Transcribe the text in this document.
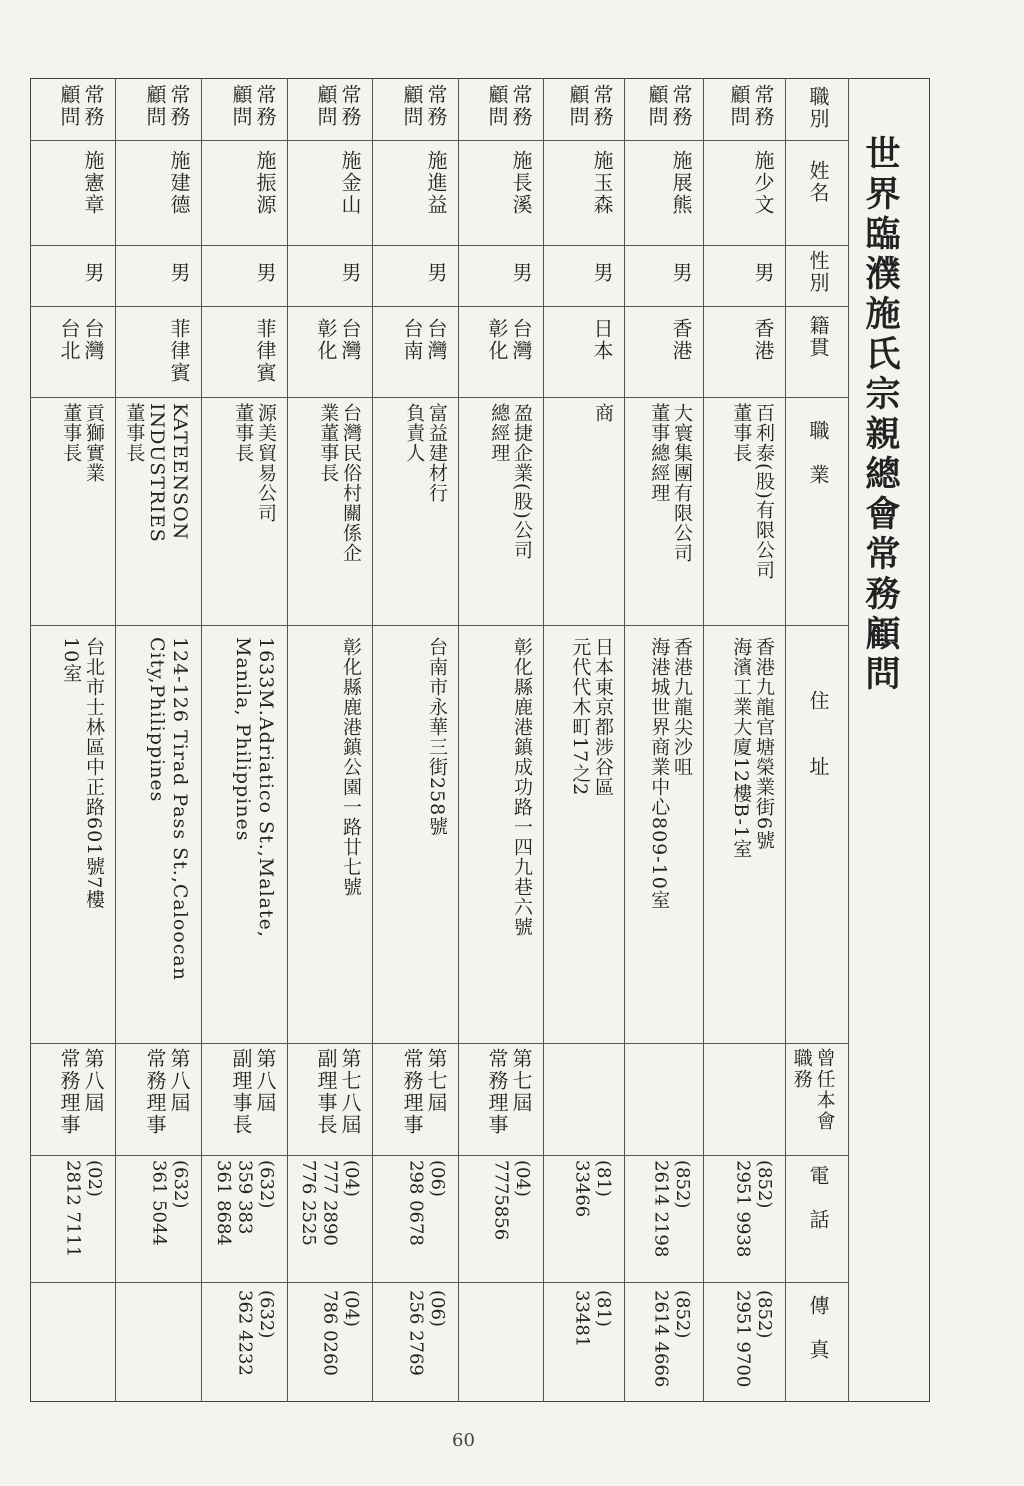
職別
姓名
性別
籍貫
職　業
住　　址
曾任本會
職務
電　話
傳　真
世界臨濮施氏宗親總會常務顧問
常務
顧問
施少文
男
香港
百利泰(股)有限公司
董事長
香港九龍官塘榮業街6號
海濱工業大廈12樓B-1室
(852)
2951 9938
(852)
2951 9700
常務
顧問
施展熊
男
香港
大寰集團有限公司
董事總經理
香港九龍尖沙咀
海港城世界商業中心809-10室
(852)
2614 2198
(852)
2614 4666
常務
顧問
施玉森
男
日本
商
日本東京都涉谷區
元代代木町17之2
(81)
33466
(81)
33481
常務
顧問
施長溪
男
台灣
彰化
盈捷企業(股)公司
總經理
彰化縣鹿港鎮成功路一四九巷六號
第七屆
常務理事
(04)
7775856
常務
顧問
施進益
男
台灣
台南
富益建材行
負責人
台南市永華三街258號
第七屆
常務理事
(06)
298 0678
(06)
256 2769
常務
顧問
施金山
男
台灣
彰化
台灣民俗村關係企
業董事長
彰化縣鹿港鎮公園一路廿七號
第七八屆
副理事長
(04)
777 2890
776 2525
(04)
786 0260
常務
顧問
施振源
男
菲律賓
源美貿易公司
董事長
1633M.Adriatico St.,Malate,
Manila, Philippines
第八屆
副理事長
(632)
359 383
361 8684
(632)
362 4232
常務
顧問
施建德
男
菲律賓
KATEENSON
INDUSTRIES
董事長
124-126 Tirad Pass St.,Caloocan
City,Philippines
第八屆
常務理事
(632)
361 5044
常務
顧問
施憲章
男
台灣
台北
貢獅實業
董事長
台北市士林區中正路601號7樓
10室
第八屆
常務理事
(02)
2812 7111
60
